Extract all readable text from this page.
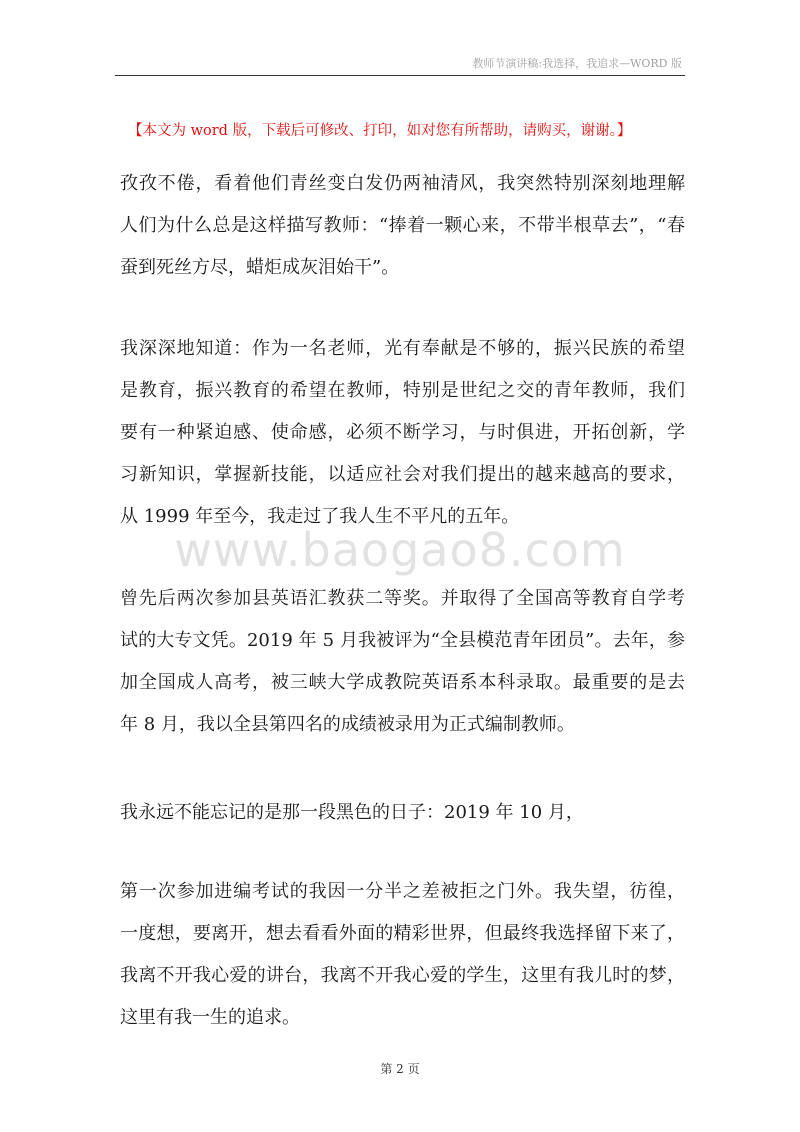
教师节演讲稿:我选择，我追求—WORD 版
【本文为 word 版，下载后可修改、打印，如对您有所帮助，请购买，谢谢。】
www.baogao8.com
孜孜不倦，看着他们青丝变白发仍两袖清风，我突然特别深刻地理解
人们为什么总是这样描写教师：“捧着一颗心来，不带半根草去”，“春
蚕到死丝方尽，蜡炬成灰泪始干”。
我深深地知道：作为一名老师，光有奉献是不够的，振兴民族的希望
是教育，振兴教育的希望在教师，特别是世纪之交的青年教师，我们
要有一种紧迫感、使命感，必须不断学习，与时俱进，开拓创新，学
习新知识，掌握新技能，以适应社会对我们提出的越来越高的要求，
从 1999 年至今，我走过了我人生不平凡的五年。
曾先后两次参加县英语汇教获二等奖。并取得了全国高等教育自学考
试的大专文凭。2019 年 5 月我被评为“全县模范青年团员”。去年，参
加全国成人高考，被三峡大学成教院英语系本科录取。最重要的是去
年 8 月，我以全县第四名的成绩被录用为正式编制教师。
我永远不能忘记的是那一段黑色的日子：2019 年 10 月，
第一次参加进编考试的我因一分半之差被拒之门外。我失望，彷徨，
一度想，要离开，想去看看外面的精彩世界，但最终我选择留下来了，
我离不开我心爱的讲台，我离不开我心爱的学生，这里有我儿时的梦，
这里有我一生的追求。
第 2 页
